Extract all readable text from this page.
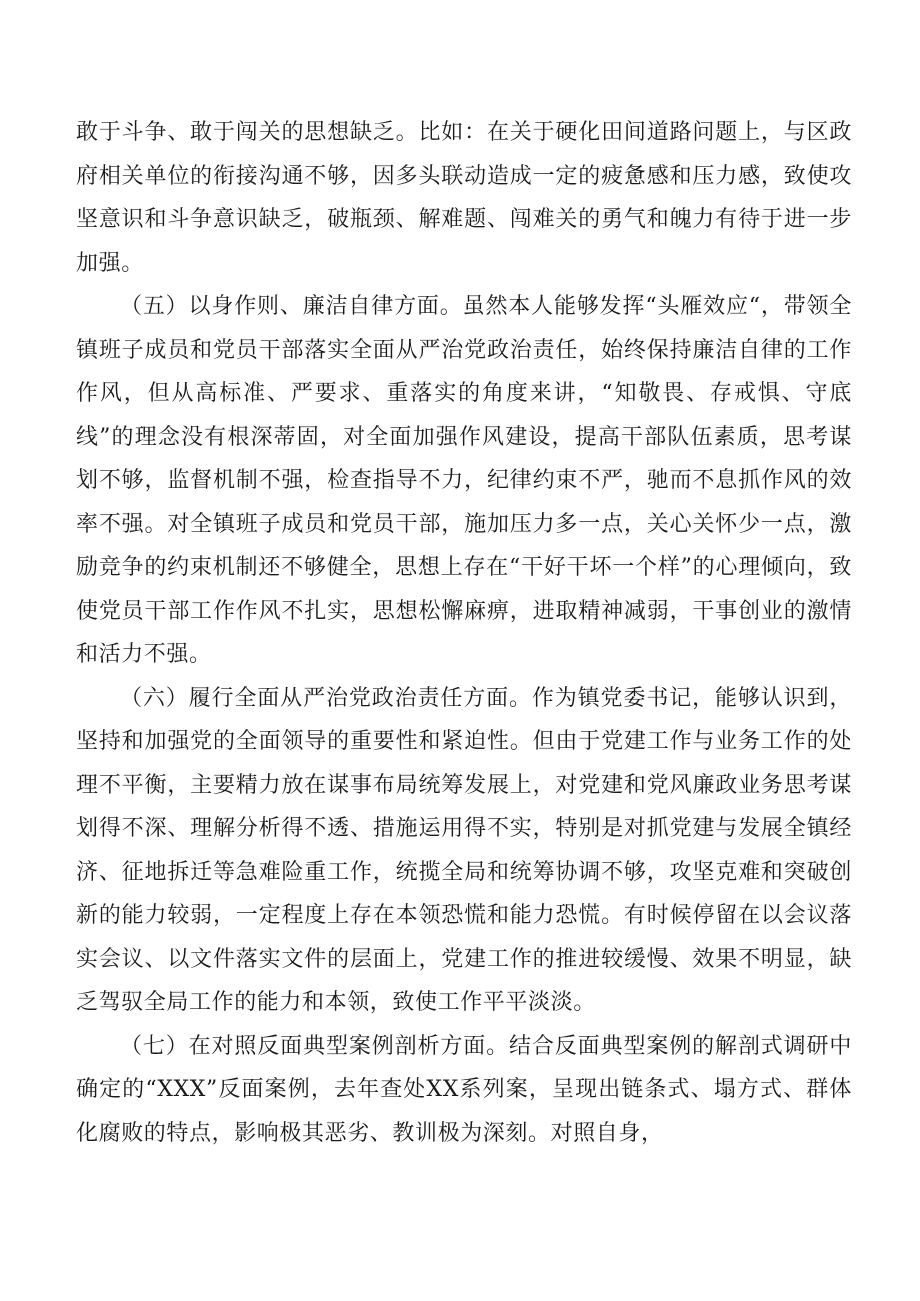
敢于斗争、敢于闯关的思想缺乏。比如：在关于硬化田间道路问题上，与区政府相关单位的衔接沟通不够，因多头联动造成一定的疲惫感和压力感，致使攻坚意识和斗争意识缺乏，破瓶颈、解难题、闯难关的勇气和魄力有待于进一步加强。

（五）以身作则、廉洁自律方面。虽然本人能够发挥“头雁效应“，带领全镇班子成员和党员干部落实全面从严治党政治责任，始终保持廉洁自律的工作作风，但从高标准、严要求、重落实的角度来讲，“知敬畏、存戒惧、守底线”的理念没有根深蒂固，对全面加强作风建设，提高干部队伍素质，思考谋划不够，监督机制不强，检查指导不力，纪律约束不严，驰而不息抓作风的效率不强。对全镇班子成员和党员干部，施加压力多一点，关心关怀少一点，激励竞争的约束机制还不够健全，思想上存在“干好干坏一个样”的心理倾向，致使党员干部工作作风不扎实，思想松懈麻痹，进取精神减弱，干事创业的激情和活力不强。

（六）履行全面从严治党政治责任方面。作为镇党委书记，能够认识到，坚持和加强党的全面领导的重要性和紧迫性。但由于党建工作与业务工作的处理不平衡，主要精力放在谋事布局统筹发展上，对党建和党风廉政业务思考谋划得不深、理解分析得不透、措施运用得不实，特别是对抓党建与发展全镇经济、征地拆迁等急难险重工作，统揽全局和统筹协调不够，攻坚克难和突破创新的能力较弱，一定程度上存在本领恐慌和能力恐慌。有时候停留在以会议落实会议、以文件落实文件的层面上，党建工作的推进较缓慢、效果不明显，缺乏驾驭全局工作的能力和本领，致使工作平平淡淡。

（七）在对照反面典型案例剖析方面。结合反面典型案例的解剖式调研中确定的“XXX”反面案例，去年查处XX系列案，呈现出链条式、塌方式、群体化腐败的特点，影响极其恶劣、教训极为深刻。对照自身，
